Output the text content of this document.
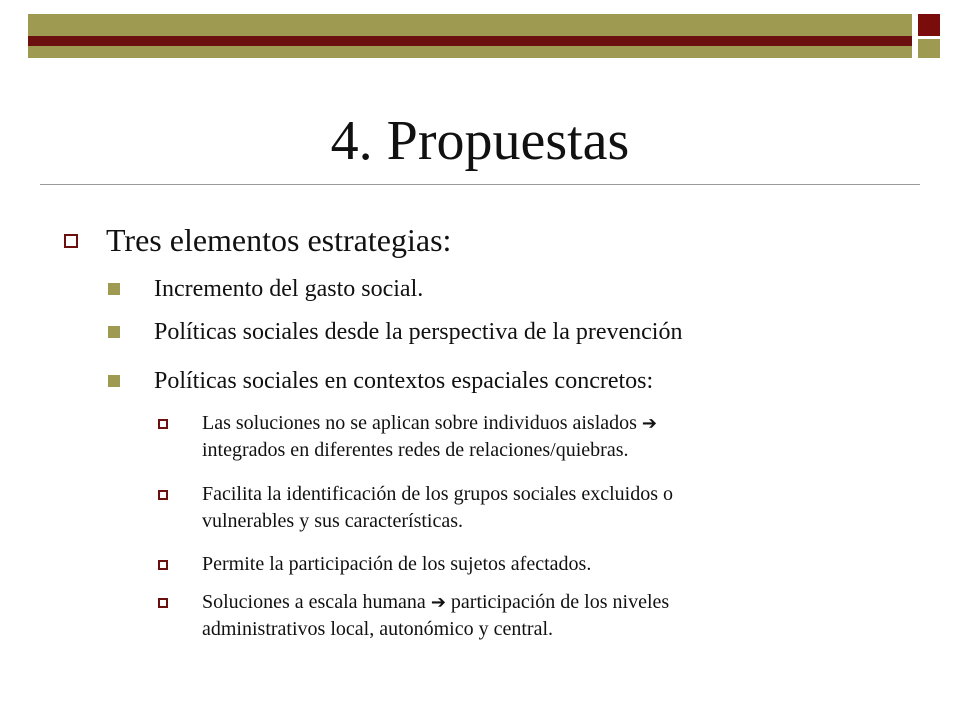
4. Propuestas
Tres elementos estrategias:
Incremento del gasto social.
Políticas sociales desde la perspectiva de la prevención
Políticas sociales en contextos espaciales concretos:
Las soluciones no se aplican sobre individuos aislados ➔
integrados en diferentes redes de relaciones/quiebras.
Facilita la identificación de los grupos sociales excluidos o
vulnerables y sus características.
Permite la participación de los sujetos afectados.
Soluciones a escala humana ➔ participación de los niveles
administrativos local, autonómico y central.
